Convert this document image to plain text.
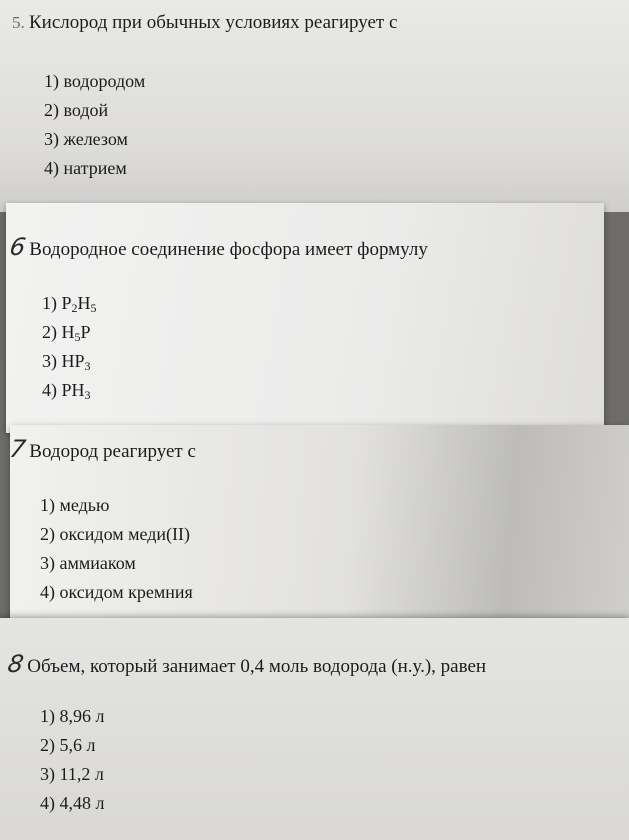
5. Кислород при обычных условиях реагирует с
1) водородом
2) водой
3) железом
4) натрием
6Водородное соединение фосфора имеет формулу
1) $P_2H_5$
2) $H_5P$
3) $HP_3$
4) $PH_3$
7Водород реагирует с
1) медью
2) оксидом меди(II)
3) аммиаком
4) оксидом кремния
8Объем, который занимает 0,4 моль водорода (н.у.), равен
1) 8,96 л
2) 5,6 л
3) 11,2 л
4) 4,48 л
